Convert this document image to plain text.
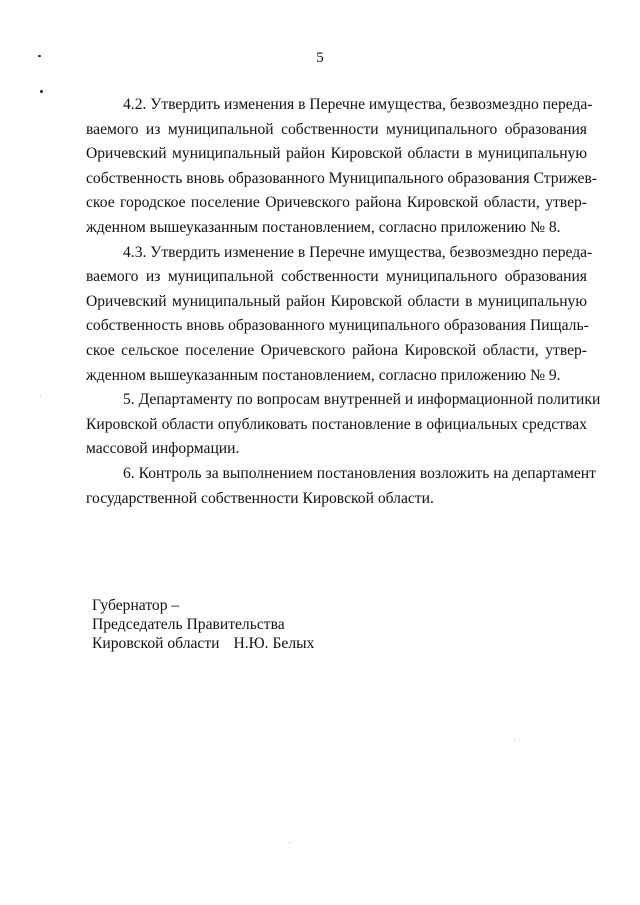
5

4.2. Утвердить изменения в Перечне имущества, безвозмездно переда-
ваемого из муниципальной собственности муниципального образования
Оричевский муниципальный район Кировской области в муниципальную
собственность вновь образованного Муниципального образования Стрижев-
ское городское поселение Оричевского района Кировской области, утвер-
жденном вышеуказанным постановлением, согласно приложению № 8.

4.3. Утвердить изменение в Перечне имущества, безвозмездно переда-
ваемого из муниципальной собственности муниципального образования
Оричевский муниципальный район Кировской области в муниципальную
собственность вновь образованного муниципального образования Пищаль-
ское сельское поселение Оричевского района Кировской области, утвер-
жденном вышеуказанным постановлением, согласно приложению № 9.

5. Департаменту по вопросам внутренней и информационной политики
Кировской области опубликовать постановление в официальных средствах
массовой информации.

6. Контроль за выполнением постановления возложить на департамент
государственной собственности Кировской области.

Губернатор –
Председатель Правительства
Кировской области Н.Ю. Белых
